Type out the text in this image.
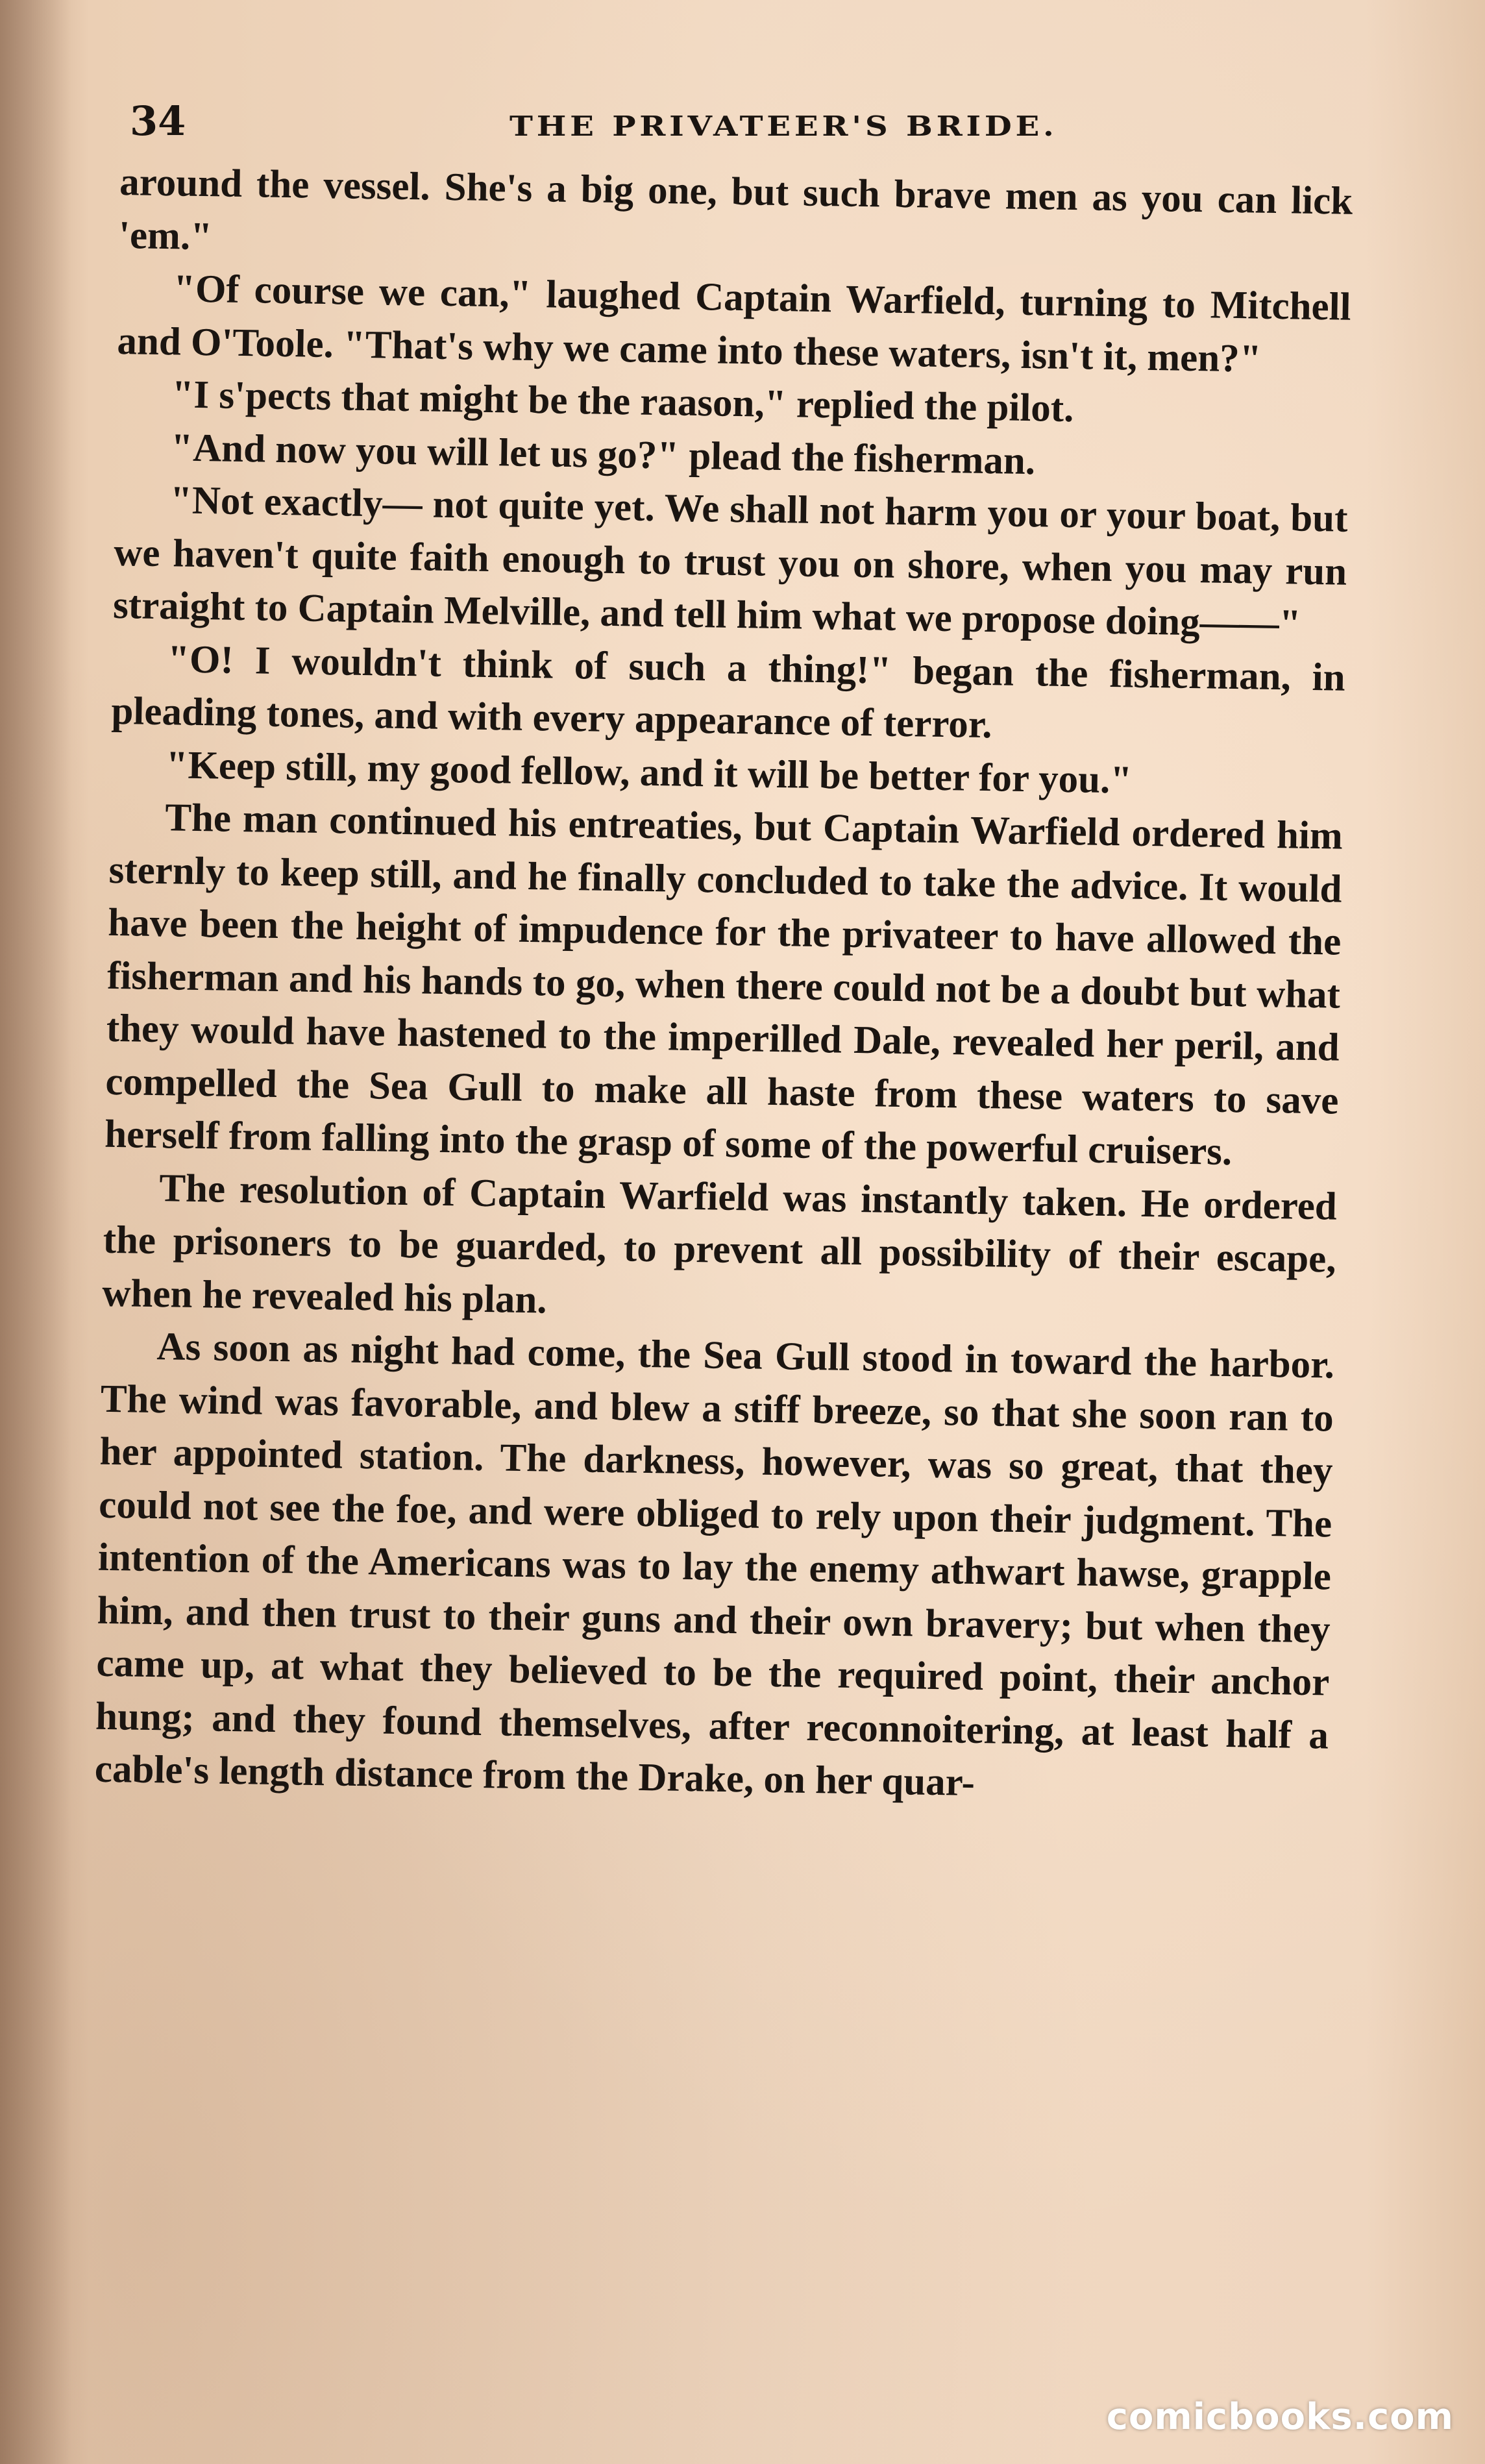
34	THE PRIVATEER'S BRIDE.

around the vessel. She's a big one, but such brave men as you can lick 'em."

"Of course we can," laughed Captain Warfield, turning to Mitchell and O'Toole. "That's why we came into these waters, isn't it, men?"

"I s'pects that might be the raason," replied the pilot.

"And now you will let us go?" plead the fisherman.

"Not exactly— not quite yet. We shall not harm you or your boat, but we haven't quite faith enough to trust you on shore, when you may run straight to Captain Melville, and tell him what we propose doing——"

"O! I wouldn't think of such a thing!" began the fisherman, in pleading tones, and with every appearance of terror.

"Keep still, my good fellow, and it will be better for you."

The man continued his entreaties, but Captain Warfield ordered him sternly to keep still, and he finally concluded to take the advice. It would have been the height of impudence for the privateer to have allowed the fisherman and his hands to go, when there could not be a doubt but what they would have hastened to the imperilled Dale, revealed her peril, and compelled the Sea Gull to make all haste from these waters to save herself from falling into the grasp of some of the powerful cruisers.

The resolution of Captain Warfield was instantly taken. He ordered the prisoners to be guarded, to prevent all possibility of their escape, when he revealed his plan.

As soon as night had come, the Sea Gull stood in toward the harbor. The wind was favorable, and blew a stiff breeze, so that she soon ran to her appointed station. The darkness, however, was so great, that they could not see the foe, and were obliged to rely upon their judgment. The intention of the Americans was to lay the enemy athwart hawse, grapple him, and then trust to their guns and their own bravery; but when they came up, at what they believed to be the required point, their anchor hung; and they found themselves, after reconnoitering, at least half a cable's length distance from the Drake, on her quar-

comicbooks.com
